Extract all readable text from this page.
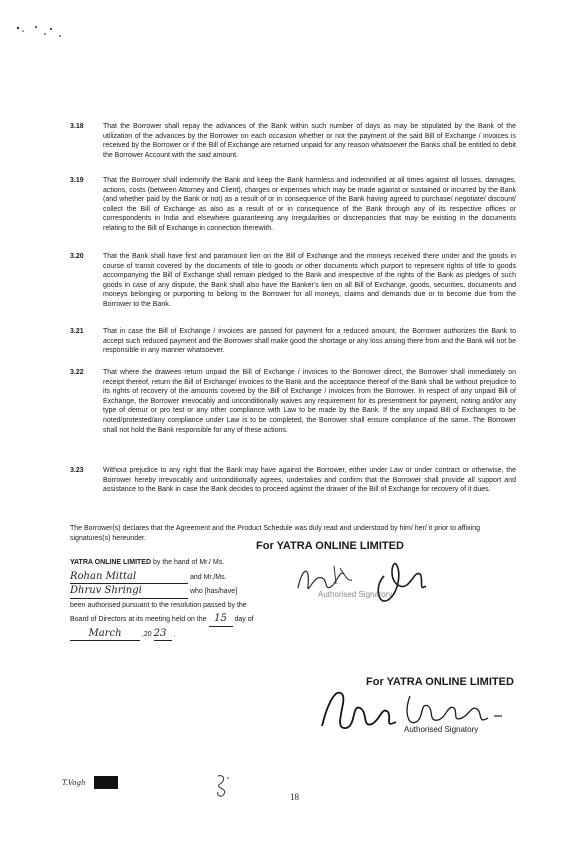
3.18	That the Borrower shall repay the advances of the Bank within such number of days as may be stipulated by the Bank of the utilization of the advances by the Borrower on each occasion whether or not the payment of the said Bill of Exchange / invoices is received by the Borrower or if the Bill of Exchange are returned unpaid for any reason whatsoever the Banks shall be entitled to debit the Borrower Account with the said amount.
3.19	That the Borrower shall indemnify the Bank and keep the Bank harmless and indemnified at all times against all losses, damages, actions, costs (between Attorney and Client), charges or expenses which may be made against or sustained or incurred by the Bank (and whether paid by the Bank or not) as a result of or in consequence of the Bank having agreed to purchase/ negotiate/ discount/ collect the Bill of Exchange as also as a result of or in consequence of the Bank through any of its respective offices or correspondents in India and elsewhere guaranteeing any irregularities or discrepancies that may be existing in the documents relating to the Bill of Exchange in connection therewith.
3.20	That the Bank shall have first and paramount lien on the Bill of Exchange and the moneys received there under and the goods in course of transit covered by the documents of title to goods or other documents which purport to represent rights of title to goods accompanying the Bill of Exchange shall remain pledged to the Bank and irrespective of the rights of the Bank as pledges of such goods in case of any dispute, the Bank shall also have the Banker's lien on all Bill of Exchange, goods, securities, documents and moneys belonging or purporting to belong to the Borrower for all moneys, claims and demands due or to become due from the Borrower to the Bank.
3.21	That in case the Bill of Exchange / invoices are passed for payment for a reduced amount, the Borrower authorizes the Bank to accept such reduced payment and the Borrower shall make good the shortage or any loss arising there from and the Bank will not be responsible in any manner whatsoever.
3.22	That where the drawees return unpaid the Bill of Exchange / invoices to the Borrower direct, the Borrower shall immediately on receipt thereof, return the Bill of Exchange/ invoices to the Bank and the acceptance thereof of the Bank shall be without prejudice to its rights of recovery of the amounts covered by the Bill of Exchange / invoices from the Borrower. In respect of any unpaid Bill of Exchange, the Borrower irrevocably and unconditionally waives any requirement for its presentment for payment, noting and/or any type of demur or pro test or any other compliance with Law to be made by the Bank. If the any unpaid Bill of Exchanges to be noted/protested/any compliance under Law is to be completed, the Borrower shall ensure compliance of the same. The Borrower shall not hold the Bank responsible for any of these actions.
3.23	Without prejudice to any right that the Bank may have against the Borrower, either under Law or under contract or otherwise, the Borrower hereby irrevocably and unconditionally agrees, undertakes and confirm that the Borrower shall provide all support and assistance to the Bank in case the Bank decides to proceed against the drawer of the Bill of Exchange for recovery of it dues.
The Borrower(s) declares that the Agreement and the Product Schedule was duly read and understood by him/ her/ it prior to affixing signatures(s) hereunder.
YATRA ONLINE LIMITED by the hand of Mr./ Ms.
Rohan Mittal	and Mr./Ms.
Dhruv Shringi	who [has/have]
been authorised pursuant to the resolution passed by the
Board of Directors at its meeting held on the 15 day of
March	,20 23 .
For YATRA ONLINE LIMITED
Authorised Signatory
For YATRA ONLINE LIMITED
Authorised Signatory
T.Vogh
18
